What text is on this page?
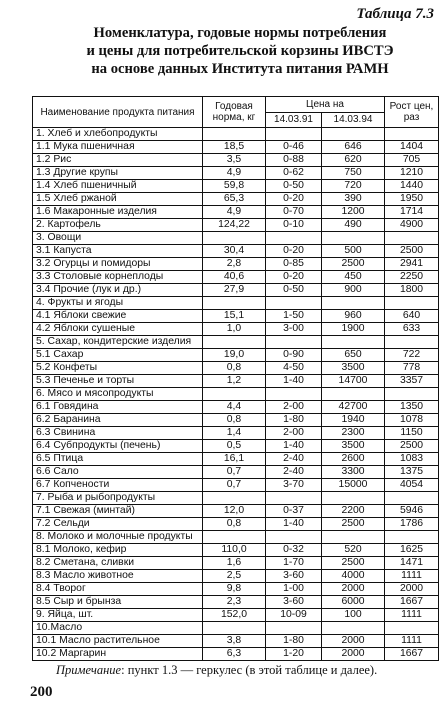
Таблица 7.3
Номенклатура, годовые нормы потребления
и цены для потребительской корзины ИВСТЭ
на основе данных Института питания РАМН
Наименование продукта питания	Годовая норма, кг	Цена на		Рост цен, раз
		14.03.91	14.03.94	
1. Хлеб и хлебопродукты				
1.1 Мука пшеничная	18,5	0-46	646	1404
1.2 Рис	3,5	0-88	620	705
1.3 Другие крупы	4,9	0-62	750	1210
1.4 Хлеб пшеничный	59,8	0-50	720	1440
1.5 Хлеб ржаной	65,3	0-20	390	1950
1.6 Макаронные изделия	4,9	0-70	1200	1714
2. Картофель	124,22	0-10	490	4900
3. Овощи				
3.1 Капуста	30,4	0-20	500	2500
3.2 Огурцы и помидоры	2,8	0-85	2500	2941
3.3 Столовые корнеплоды	40,6	0-20	450	2250
3.4 Прочие (лук и др.)	27,9	0-50	900	1800
4. Фрукты и ягоды				
4.1 Яблоки свежие	15,1	1-50	960	640
4.2 Яблоки сушеные	1,0	3-00	1900	633
5. Сахар, кондитерские изделия				
5.1 Сахар	19,0	0-90	650	722
5.2 Конфеты	0,8	4-50	3500	778
5.3 Печенье и торты	1,2	1-40	14700	3357
6. Мясо и мясопродукты				
6.1 Говядина	4,4	2-00	42700	1350
6.2 Баранина	0,8	1-80	1940	1078
6.3 Свинина	1,4	2-00	2300	1150
6.4 Субпродукты (печень)	0,5	1-40	3500	2500
6.5 Птица	16,1	2-40	2600	1083
6.6 Сало	0,7	2-40	3300	1375
6.7 Копчености	0,7	3-70	15000	4054
7. Рыба и рыбопродукты				
7.1 Свежая (минтай)	12,0	0-37	2200	5946
7.2 Сельди	0,8	1-40	2500	1786
8. Молоко и молочные продукты				
8.1 Молоко, кефир	110,0	0-32	520	1625
8.2 Сметана, сливки	1,6	1-70	2500	1471
8.3 Масло животное	2,5	3-60	4000	1111
8.4 Творог	9,8	1-00	2000	2000
8.5 Сыр и брынза	2,3	3-60	6000	1667
9. Яйца, шт.	152,0	10-09	100	1111
10.Масло				
10.1 Масло растительное	3,8	1-80	2000	1111
10.2 Маргарин	6,3	1-20	2000	1667
Примечание: пункт 1.3 — геркулес (в этой таблице и далее).
200
